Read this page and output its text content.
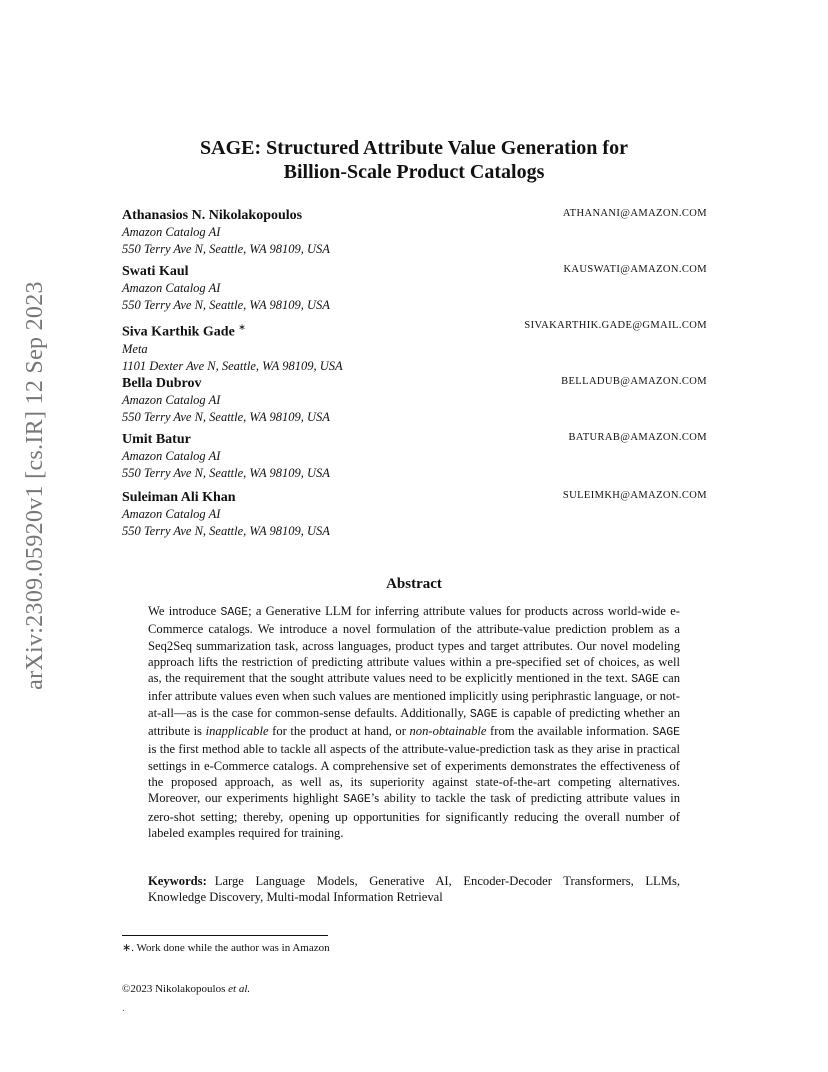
arXiv:2309.05920v1 [cs.IR] 12 Sep 2023
SAGE: Structured Attribute Value Generation for
Billion-Scale Product Catalogs
Athanasios N. Nikolakopoulos	ATHANANI@AMAZON.COM
Amazon Catalog AI
550 Terry Ave N, Seattle, WA 98109, USA
Swati Kaul	KAUSWATI@AMAZON.COM
Amazon Catalog AI
550 Terry Ave N, Seattle, WA 98109, USA
Siva Karthik Gade ∗	SIVAKARTHIK.GADE@GMAIL.COM
Meta
1101 Dexter Ave N, Seattle, WA 98109, USA
Bella Dubrov	BELLADUB@AMAZON.COM
Amazon Catalog AI
550 Terry Ave N, Seattle, WA 98109, USA
Umit Batur	BATURAB@AMAZON.COM
Amazon Catalog AI
550 Terry Ave N, Seattle, WA 98109, USA
Suleiman Ali Khan	SULEIMKH@AMAZON.COM
Amazon Catalog AI
550 Terry Ave N, Seattle, WA 98109, USA
Abstract
We introduce SAGE; a Generative LLM for inferring attribute values for products across world-wide e-Commerce catalogs. We introduce a novel formulation of the attribute-value prediction problem as a Seq2Seq summarization task, across languages, product types and target attributes. Our novel modeling approach lifts the restriction of predicting attribute values within a pre-specified set of choices, as well as, the requirement that the sought attribute values need to be explicitly mentioned in the text. SAGE can infer attribute values even when such values are mentioned implicitly using periphrastic language, or not-at-all—as is the case for common-sense defaults. Additionally, SAGE is capable of predicting whether an attribute is inapplicable for the product at hand, or non-obtainable from the available information. SAGE is the first method able to tackle all aspects of the attribute-value-prediction task as they arise in practical settings in e-Commerce catalogs. A comprehensive set of experiments demonstrates the effectiveness of the proposed approach, as well as, its superiority against state-of-the-art competing alternatives. Moreover, our experiments highlight SAGE’s ability to tackle the task of predicting attribute values in zero-shot setting; thereby, opening up opportunities for significantly reducing the overall number of labeled examples required for training.
Keywords: Large Language Models, Generative AI, Encoder-Decoder Transformers, LLMs, Knowledge Discovery, Multi-modal Information Retrieval
∗. Work done while the author was in Amazon
©2023 Nikolakopoulos et al.
.
